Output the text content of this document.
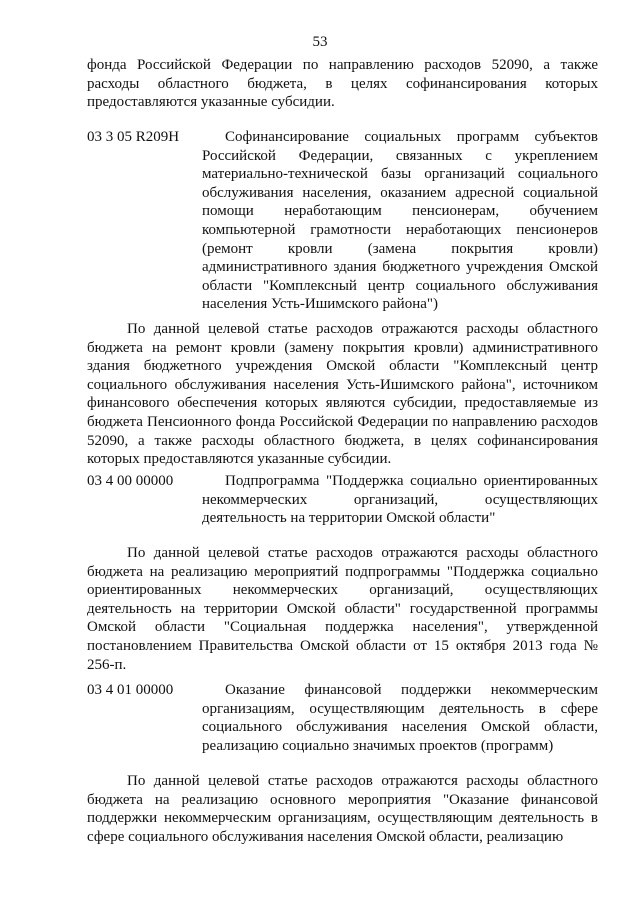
53
фонда Российской Федерации по направлению расходов 52090, а также расходы областного бюджета, в целях софинансирования которых предоставляются указанные субсидии.
03 3 05 R209Н	Софинансирование социальных программ субъектов Российской Федерации, связанных с укреплением материально-технической базы организаций социального обслуживания населения, оказанием адресной социальной помощи неработающим пенсионерам, обучением компьютерной грамотности неработающих пенсионеров (ремонт кровли (замена покрытия кровли) административного здания бюджетного учреждения Омской области "Комплексный центр социального обслуживания населения Усть-Ишимского района")
По данной целевой статье расходов отражаются расходы областного бюджета на ремонт кровли (замену покрытия кровли) административного здания бюджетного учреждения Омской области "Комплексный центр социального обслуживания населения Усть-Ишимского района", источником финансового обеспечения которых являются субсидии, предоставляемые из бюджета Пенсионного фонда Российской Федерации по направлению расходов 52090, а также расходы областного бюджета, в целях софинансирования которых предоставляются указанные субсидии.
03 4 00 00000	Подпрограмма "Поддержка социально ориентированных некоммерческих организаций, осуществляющих деятельность на территории Омской области"
По данной целевой статье расходов отражаются расходы областного бюджета на реализацию мероприятий подпрограммы "Поддержка социально ориентированных некоммерческих организаций, осуществляющих деятельность на территории Омской области" государственной программы Омской области "Социальная поддержка населения", утвержденной постановлением Правительства Омской области от 15 октября 2013 года № 256-п.
03 4 01 00000	Оказание финансовой поддержки некоммерческим организациям, осуществляющим деятельность в сфере социального обслуживания населения Омской области, реализацию социально значимых проектов (программ)
По данной целевой статье расходов отражаются расходы областного бюджета на реализацию основного мероприятия "Оказание финансовой поддержки некоммерческим организациям, осуществляющим деятельность в сфере социального обслуживания населения Омской области, реализацию
